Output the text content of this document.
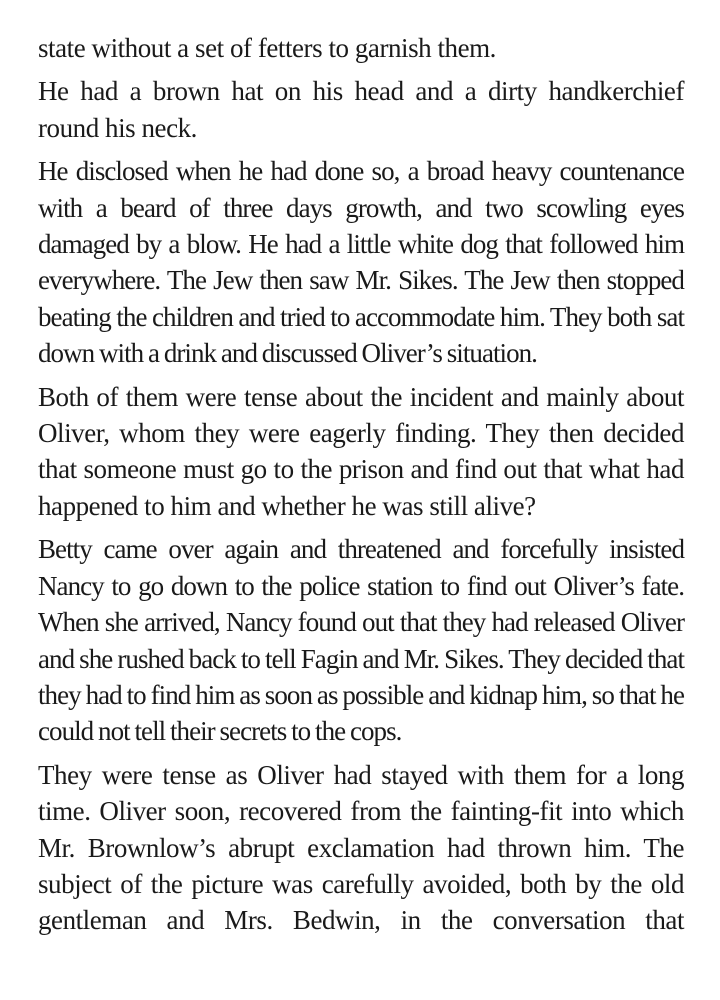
state without a set of fetters to garnish them.

He had a brown hat on his head and a dirty handkerchief round his neck.

He disclosed when he had done so, a broad heavy countenance with a beard of three days growth, and two scowling eyes damaged by a blow. He had a little white dog that followed him everywhere. The Jew then saw Mr. Sikes. The Jew then stopped beating the children and tried to accommodate him. They both sat down with a drink and discussed Oliver’s situation.

Both of them were tense about the incident and mainly about Oliver, whom they were eagerly finding. They then decided that someone must go to the prison and find out that what had happened to him and whether he was still alive?

Betty came over again and threatened and forcefully insisted Nancy to go down to the police station to find out Oliver’s fate. When she arrived, Nancy found out that they had released Oliver and she rushed back to tell Fagin and Mr. Sikes. They decided that they had to find him as soon as possible and kidnap him, so that he could not tell their secrets to the cops.

They were tense as Oliver had stayed with them for a long time. Oliver soon, recovered from the fainting-fit into which Mr. Brownlow’s abrupt exclamation had thrown him. The subject of the picture was carefully avoided, both by the old gentleman and Mrs. Bedwin, in the conversation that
